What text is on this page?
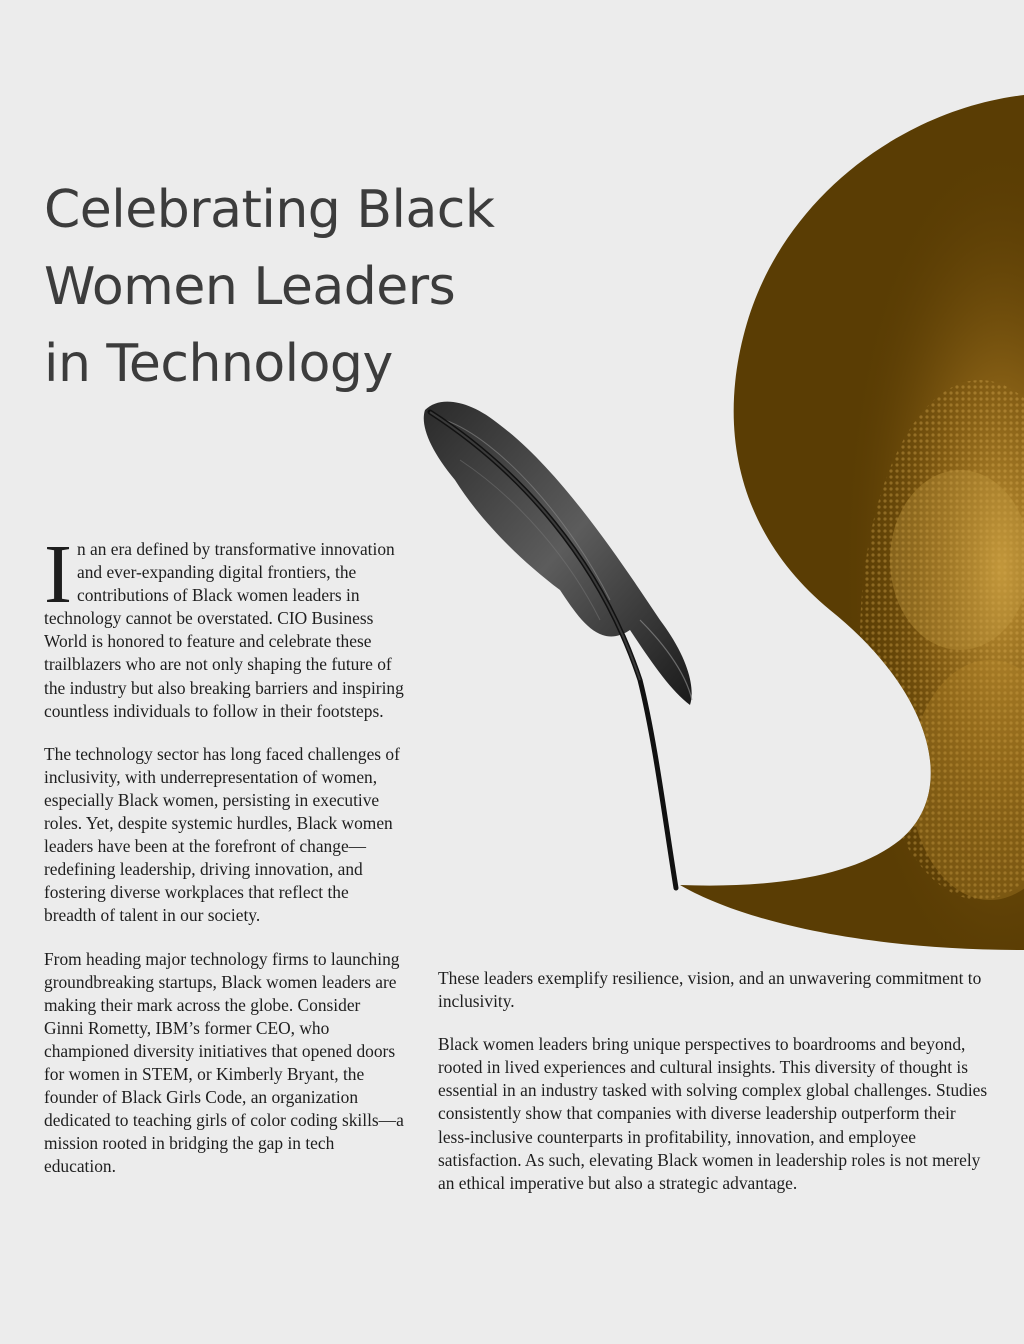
Celebrating Black
Women Leaders
in Technology

In an era defined by transformative innovation and ever-expanding digital frontiers, the contributions of Black women leaders in technology cannot be overstated. CIO Business World is honored to feature and celebrate these trailblazers who are not only shaping the future of the industry but also breaking barriers and inspiring countless individuals to follow in their footsteps.

The technology sector has long faced challenges of inclusivity, with underrepresentation of women, especially Black women, persisting in executive roles. Yet, despite systemic hurdles, Black women leaders have been at the forefront of change—redefining leadership, driving innovation, and fostering diverse workplaces that reflect the breadth of talent in our society.

From heading major technology firms to launching groundbreaking startups, Black women leaders are making their mark across the globe. Consider Ginni Rometty, IBM’s former CEO, who championed diversity initiatives that opened doors for women in STEM, or Kimberly Bryant, the founder of Black Girls Code, an organization dedicated to teaching girls of color coding skills—a mission rooted in bridging the gap in tech education.

These leaders exemplify resilience, vision, and an unwavering commitment to inclusivity.

Black women leaders bring unique perspectives to boardrooms and beyond, rooted in lived experiences and cultural insights. This diversity of thought is essential in an industry tasked with solving complex global challenges. Studies consistently show that companies with diverse leadership outperform their less-inclusive counterparts in profitability, innovation, and employee satisfaction. As such, elevating Black women in leadership roles is not merely an ethical imperative but also a strategic advantage.
